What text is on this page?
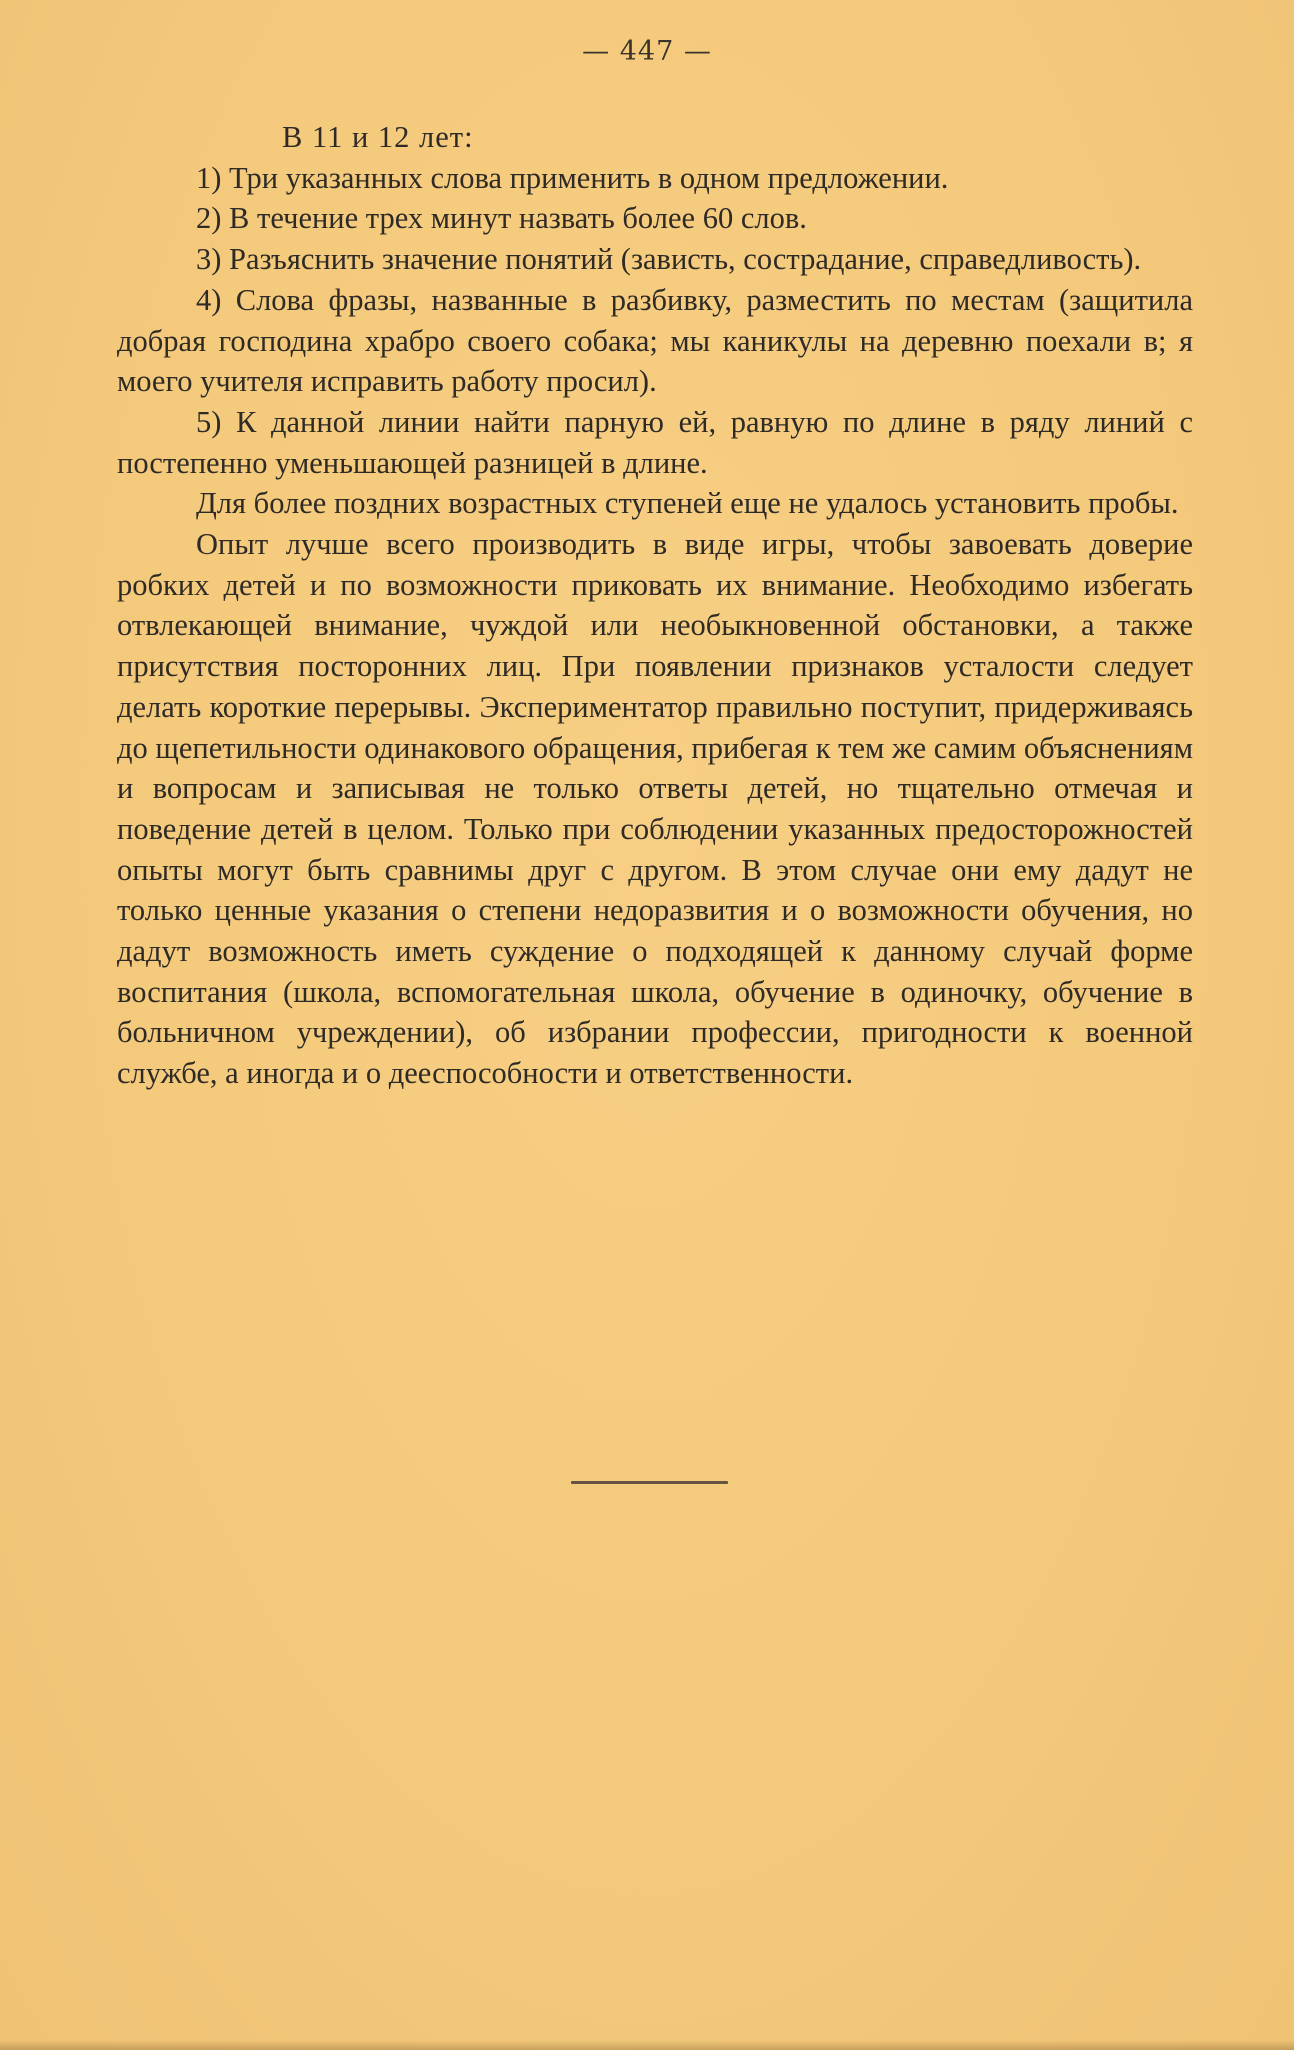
— 447 —

В 11 и 12 лет:

1) Три указанных слова применить в одном предложении.

2) В течение трех минут назвать более 60 слов.

3) Разъяснить значение понятий (зависть, сострадание, справедливость).

4) Слова фразы, названные в разбивку, разместить по местам (защитила добрая господина храбро своего собака; мы каникулы на деревню поехали в; я моего учителя исправить работу просил).

5) К данной линии найти парную ей, равную по длине в ряду линий с постепенно уменьшающей разницей в длине.

Для более поздних возрастных ступеней еще не удалось установить пробы.

Опыт лучше всего производить в виде игры, чтобы завоевать доверие робких детей и по возможности приковать их внимание. Необходимо избегать отвлекающей внимание, чуждой или необыкновенной обстановки, а также присутствия посторонних лиц. При появлении признаков усталости следует делать короткие перерывы. Экспериментатор правильно поступит, придерживаясь до щепетильности одинакового обращения, прибегая к тем же самим объяснениям и вопросам и записывая не только ответы детей, но тщательно отмечая и поведение детей в целом. Только при соблюдении указанных предосторожностей опыты могут быть сравнимы друг с другом. В этом случае они ему дадут не только ценные указания о степени недоразвития и о возможности обучения, но дадут возможность иметь суждение о подходящей к данному случай форме воспитания (школа, вспомогательная школа, обучение в одиночку, обучение в больничном учреждении), об избрании профессии, пригодности к военной службе, а иногда и о дееспособности и ответственности.
